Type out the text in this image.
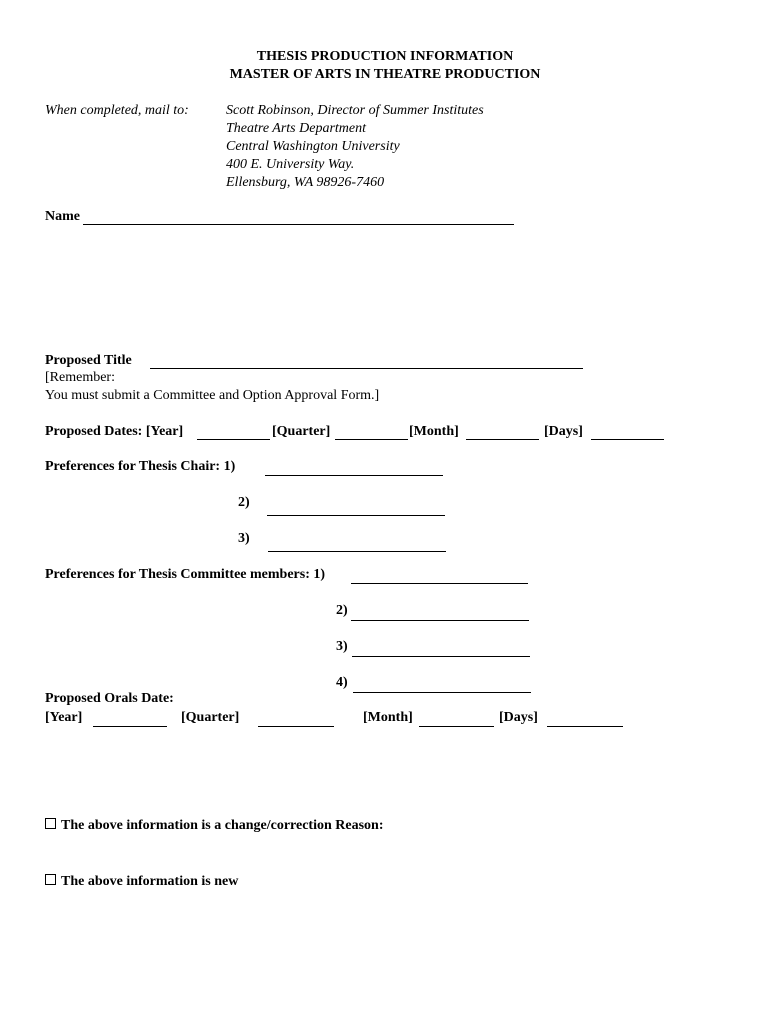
THESIS PRODUCTION INFORMATION
MASTER OF ARTS IN THEATRE PRODUCTION
When completed, mail to:	Scott Robinson, Director of Summer Institutes
Theatre Arts Department
Central Washington University
400 E. University Way.
Ellensburg, WA 98926-7460
Name
Proposed Title
[Remember:
You must submit a Committee and Option Approval Form.]
Proposed Dates: [Year]	[Quarter]	[Month]	[Days]
Preferences for Thesis Chair: 1)
2)
3)
Preferences for Thesis Committee members: 1)
2)
3)
4)
Proposed Orals Date:
[Year]	[Quarter]	[Month]	[Days]
The above information is a change/correction Reason:
The above information is new
